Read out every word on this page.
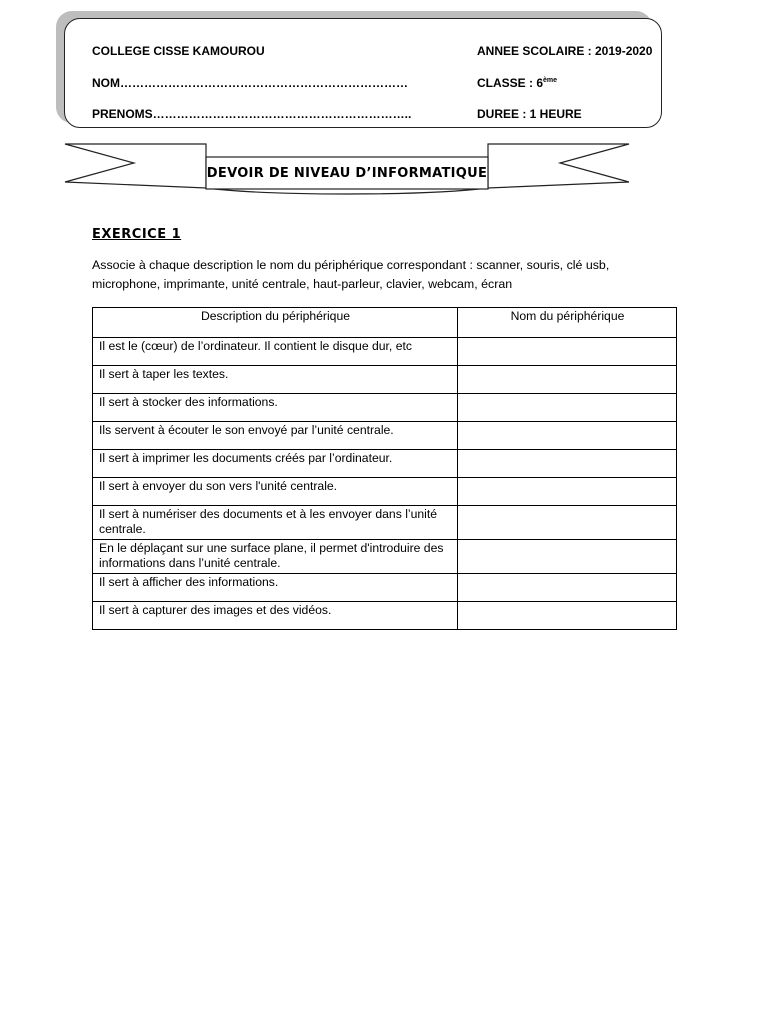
COLLEGE CISSE KAMOUROU	ANNEE SCOLAIRE : 2019-2020
NOM………………………………………………………………	CLASSE : 6ème
PRENOMS………………………………………………………..	DUREE : 1 HEURE
DEVOIR DE NIVEAU D’INFORMATIQUE
EXERCICE 1
Associe à chaque description le nom du périphérique correspondant : scanner, souris, clé usb, microphone, imprimante, unité centrale, haut-parleur, clavier, webcam, écran
Description du périphérique	Nom du périphérique
Il est le (cœur) de l’ordinateur. Il contient le disque dur, etc	
Il sert à taper les textes.	
Il sert à stocker des informations.	
Ils servent à écouter le son envoyé par l’unité centrale.	
Il sert à imprimer les documents créés par l’ordinateur.	
Il sert à envoyer du son vers l'unité centrale.	
Il sert à numériser des documents et à les envoyer dans l’unité centrale.	
En le déplaçant sur une surface plane, il permet d'introduire des informations dans l’unité centrale.	
Il sert à afficher des informations.	
Il sert à capturer des images et des vidéos.	
